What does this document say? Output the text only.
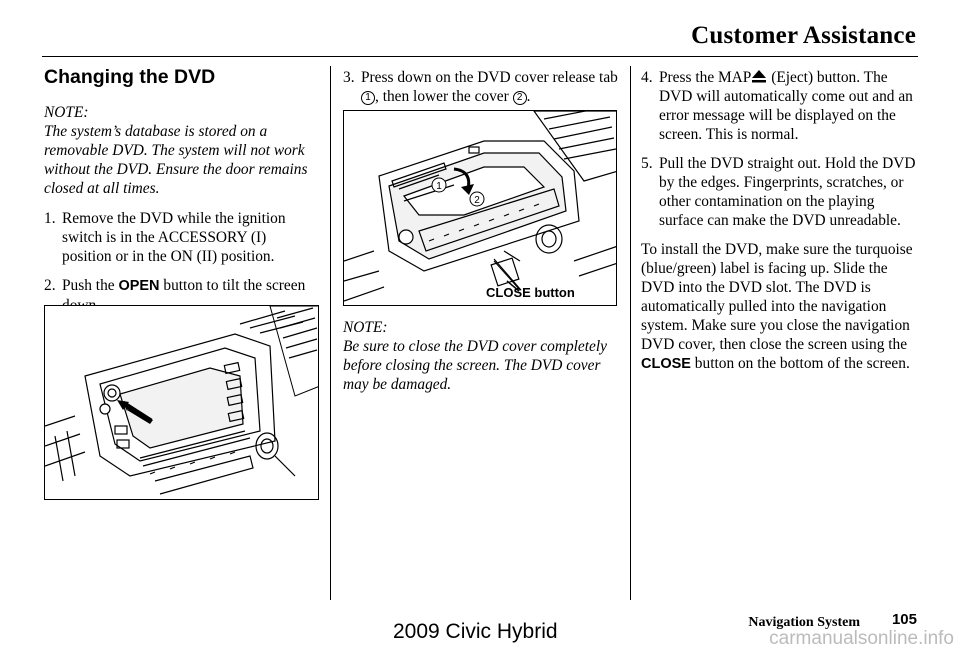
Customer Assistance
Changing the DVD
NOTE:
The system’s database is stored on a removable DVD. The system will not work without the DVD. Ensure the door remains closed at all times.
1. Remove the DVD while the ignition switch is in the ACCESSORY (I) position or in the ON (II) position.
2. Push the OPEN button to tilt the screen
3. Press down on the DVD cover release tab 1 , then lower the cover 2 .
1
2
CLOSE button
NOTE:
Be sure to close the DVD cover completely before closing the screen. The DVD cover may be damaged.
4. Press the MAP (Eject) button. The DVD will automatically come out and an error message will be displayed on the screen. This is normal.
5. Pull the DVD straight out. Hold the DVD by the edges. Fingerprints, scratches, or other contamination on the playing surface can make the DVD unreadable.
To install the DVD, make sure the turquoise (blue/green) label is facing up. Slide the DVD into the DVD slot. The DVD is automatically pulled into the navigation system. Make sure you close the navigation DVD cover, then close the screen using the CLOSE button on the bottom of the screen.
Navigation System 105
2009 Civic Hybrid	carmanualsonline.info
